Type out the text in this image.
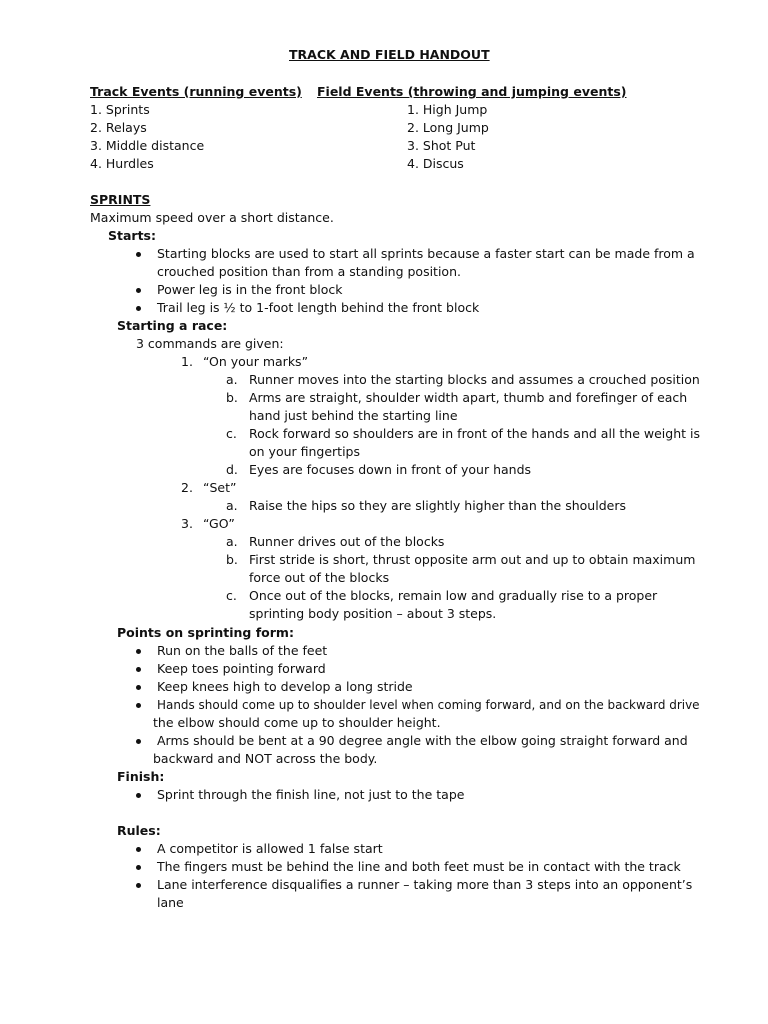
TRACK AND FIELD HANDOUT
Track Events (running events) Field Events (throwing and jumping events)
1. Sprints
2. Relays
3. Middle distance
4. Hurdles
1. High Jump
2. Long Jump
3. Shot Put
4. Discus
SPRINTS
Maximum speed over a short distance.
Starts:
Starting blocks are used to start all sprints because a faster start can be made from a
crouched position than from a standing position.
Power leg is in the front block
Trail leg is ½ to 1-foot length behind the front block
Starting a race:
3 commands are given:
1. “On your marks”
a. Runner moves into the starting blocks and assumes a crouched position
b. Arms are straight, shoulder width apart, thumb and forefinger of each
hand just behind the starting line
c. Rock forward so shoulders are in front of the hands and all the weight is
on your fingertips
d. Eyes are focuses down in front of your hands
2. “Set”
a. Raise the hips so they are slightly higher than the shoulders
3. “GO”
a. Runner drives out of the blocks
b. First stride is short, thrust opposite arm out and up to obtain maximum
force out of the blocks
c. Once out of the blocks, remain low and gradually rise to a proper
sprinting body position – about 3 steps.
Points on sprinting form:
Run on the balls of the feet
Keep toes pointing forward
Keep knees high to develop a long stride
Hands should come up to shoulder level when coming forward, and on the backward drive
the elbow should come up to shoulder height.
Arms should be bent at a 90 degree angle with the elbow going straight forward and
backward and NOT across the body.
Finish:
Sprint through the finish line, not just to the tape
Rules:
A competitor is allowed 1 false start
The fingers must be behind the line and both feet must be in contact with the track
Lane interference disqualifies a runner – taking more than 3 steps into an opponent’s
lane
